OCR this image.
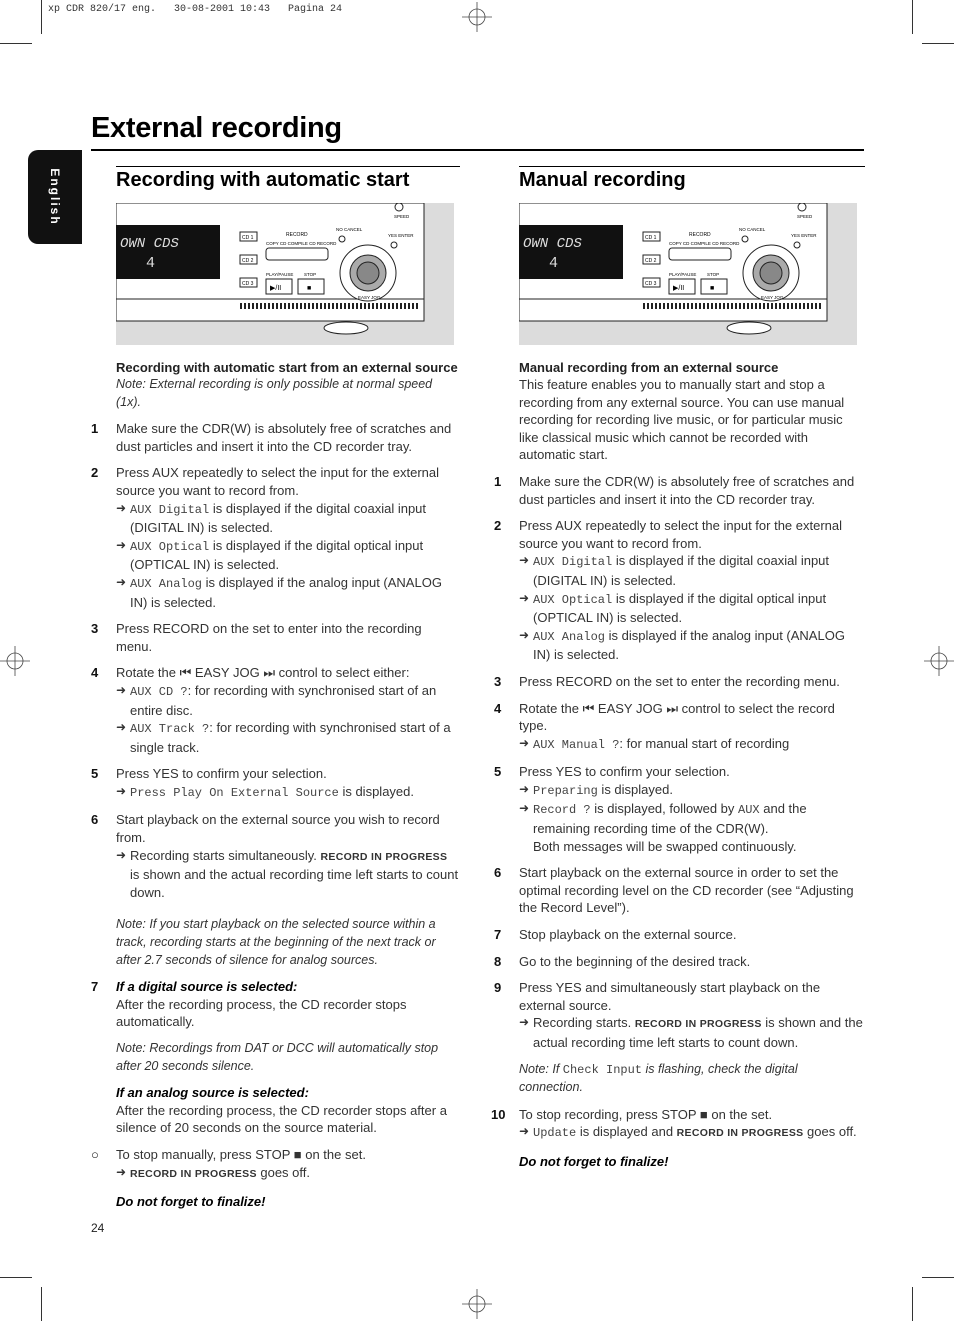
xp CDR 820/17 eng.   30-08-2001 10:43   Pagina 24
English
External recording
Recording with automatic start
OWN CDS
4
CD 1
CD 2
CD 3
RECORD
COPY CD COMPILE CD RECORD
NO CANCEL
YES ENTER
SPEED
PLAY/PAUSE
▶/II
STOP
■
EASY JOG
Recording with automatic start from an external source
Note: External recording is only possible at normal speed (1x).
1 Make sure the CDR(W) is absolutely free of scratches and dust particles and insert it into the CD recorder tray.
2 Press AUX repeatedly to select the input for the external source you want to record from.
➜ AUX Digital is displayed if the digital coaxial input (DIGITAL IN) is selected.
➜ AUX Optical is displayed if the digital optical input (OPTICAL IN) is selected.
➜ AUX Analog is displayed if the analog input (ANALOG IN) is selected.
3 Press RECORD on the set to enter into the recording menu.
4 Rotate the ⏮ EASY JOG ⏭ control to select either:
➜ AUX CD ?: for recording with synchronised start of an entire disc.
➜ AUX Track ?: for recording with synchronised start of a single track.
5 Press YES to confirm your selection.
➜ Press Play On External Source is displayed.
6 Start playback on the external source you wish to record from.
➜ Recording starts simultaneously. RECORD IN PROGRESS is shown and the actual recording time left starts to count down.
Note: If you start playback on the selected source within a track, recording starts at the beginning of the next track or after 2.7 seconds of silence for analog sources.
7 If a digital source is selected:
After the recording process, the CD recorder stops automatically.
Note: Recordings from DAT or DCC will automatically stop after 20 seconds silence.
If an analog source is selected:
After the recording process, the CD recorder stops after a silence of 20 seconds on the source material.
○ To stop manually, press STOP ■ on the set.
➜ RECORD IN PROGRESS goes off.
Do not forget to finalize!
Manual recording
OWN CDS
4
CD 1
CD 2
CD 3
RECORD
COPY CD COMPILE CD RECORD
NO CANCEL
YES ENTER
SPEED
PLAY/PAUSE
▶/II
STOP
■
EASY JOG
Manual recording from an external source
This feature enables you to manually start and stop a recording from any external source. You can use manual recording for recording live music, or for particular music like classical music which cannot be recorded with automatic start.
1 Make sure the CDR(W) is absolutely free of scratches and dust particles and insert it into the CD recorder tray.
2 Press AUX repeatedly to select the input for the external source you want to record from.
➜ AUX Digital is displayed if the digital coaxial input (DIGITAL IN) is selected.
➜ AUX Optical is displayed if the digital optical input (OPTICAL IN) is selected.
➜ AUX Analog is displayed if the analog input (ANALOG IN) is selected.
3 Press RECORD on the set to enter the recording menu.
4 Rotate the ⏮ EASY JOG ⏭ control to select the record type.
➜ AUX Manual ?: for manual start of recording
5 Press YES to confirm your selection.
➜ Preparing is displayed.
➜ Record ? is displayed, followed by AUX and the remaining recording time of the CDR(W).
Both messages will be swapped continuously.
6 Start playback on the external source in order to set the optimal recording level on the CD recorder (see “Adjusting the Record Level”).
7 Stop playback on the external source.
8 Go to the beginning of the desired track.
9 Press YES and simultaneously start playback on the external source.
➜ Recording starts. RECORD IN PROGRESS is shown and the actual recording time left starts to count down.
Note: If Check Input is flashing, check the digital connection.
10 To stop recording, press STOP ■ on the set.
➜ Update is displayed and RECORD IN PROGRESS goes off.
Do not forget to finalize!
24
